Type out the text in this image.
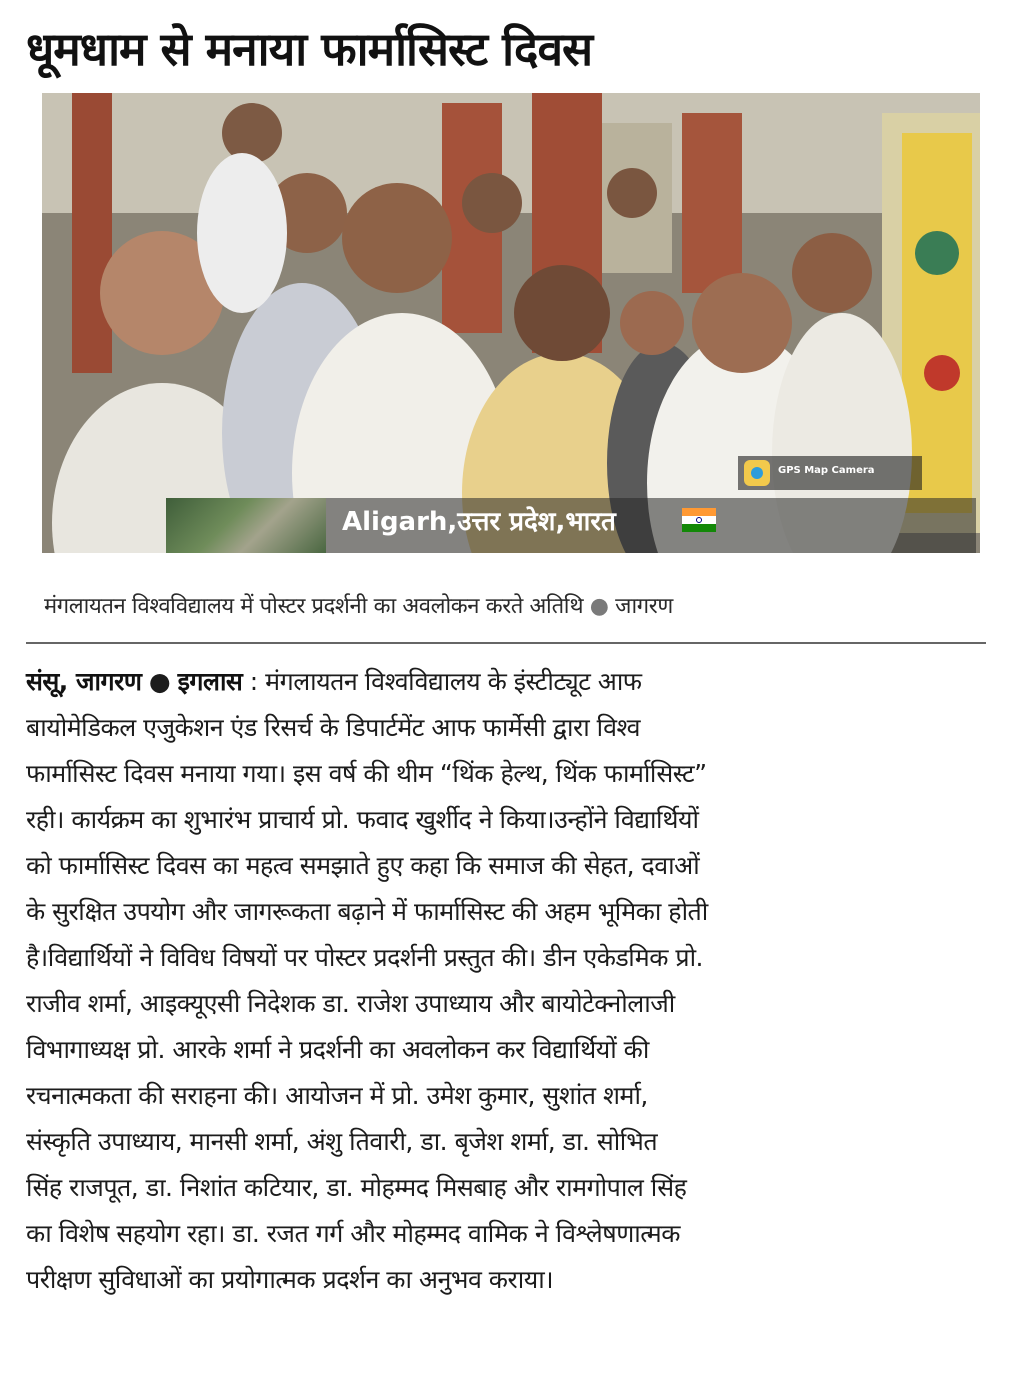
धूमधाम से मनाया फार्मासिस्ट दिवस
GPS Map Camera
Aligarh,उत्तर प्रदेश,भारत
मंगलायतन विश्वविद्यालय में पोस्टर प्रदर्शनी का अवलोकन करते अतिथि ● जागरण
संसू, जागरण ● इगलास : मंगलायतन विश्वविद्यालय के इंस्टीट्यूट आफ
बायोमेडिकल एजुकेशन एंड रिसर्च के डिपार्टमेंट आफ फार्मेसी द्वारा विश्व
फार्मासिस्ट दिवस मनाया गया। इस वर्ष की थीम “थिंक हेल्थ, थिंक फार्मासिस्ट”
रही। कार्यक्रम का शुभारंभ प्राचार्य प्रो. फवाद खुर्शीद ने किया।उन्होंने विद्यार्थियों
को फार्मासिस्ट दिवस का महत्व समझाते हुए कहा कि समाज की सेहत, दवाओं
के सुरक्षित उपयोग और जागरूकता बढ़ाने में फार्मासिस्ट की अहम भूमिका होती
है।विद्यार्थियों ने विविध विषयों पर पोस्टर प्रदर्शनी प्रस्तुत की। डीन एकेडमिक प्रो.
राजीव शर्मा, आइक्यूएसी निदेशक डा. राजेश उपाध्याय और बायोटेक्नोलाजी
विभागाध्यक्ष प्रो. आरके शर्मा ने प्रदर्शनी का अवलोकन कर विद्यार्थियों की
रचनात्मकता की सराहना की। आयोजन में प्रो. उमेश कुमार, सुशांत शर्मा,
संस्कृति उपाध्याय, मानसी शर्मा, अंशु तिवारी, डा. बृजेश शर्मा, डा. सोभित
सिंह राजपूत, डा. निशांत कटियार, डा. मोहम्मद मिसबाह और रामगोपाल सिंह
का विशेष सहयोग रहा। डा. रजत गर्ग और मोहम्मद वामिक ने विश्लेषणात्मक
परीक्षण सुविधाओं का प्रयोगात्मक प्रदर्शन का अनुभव कराया।
